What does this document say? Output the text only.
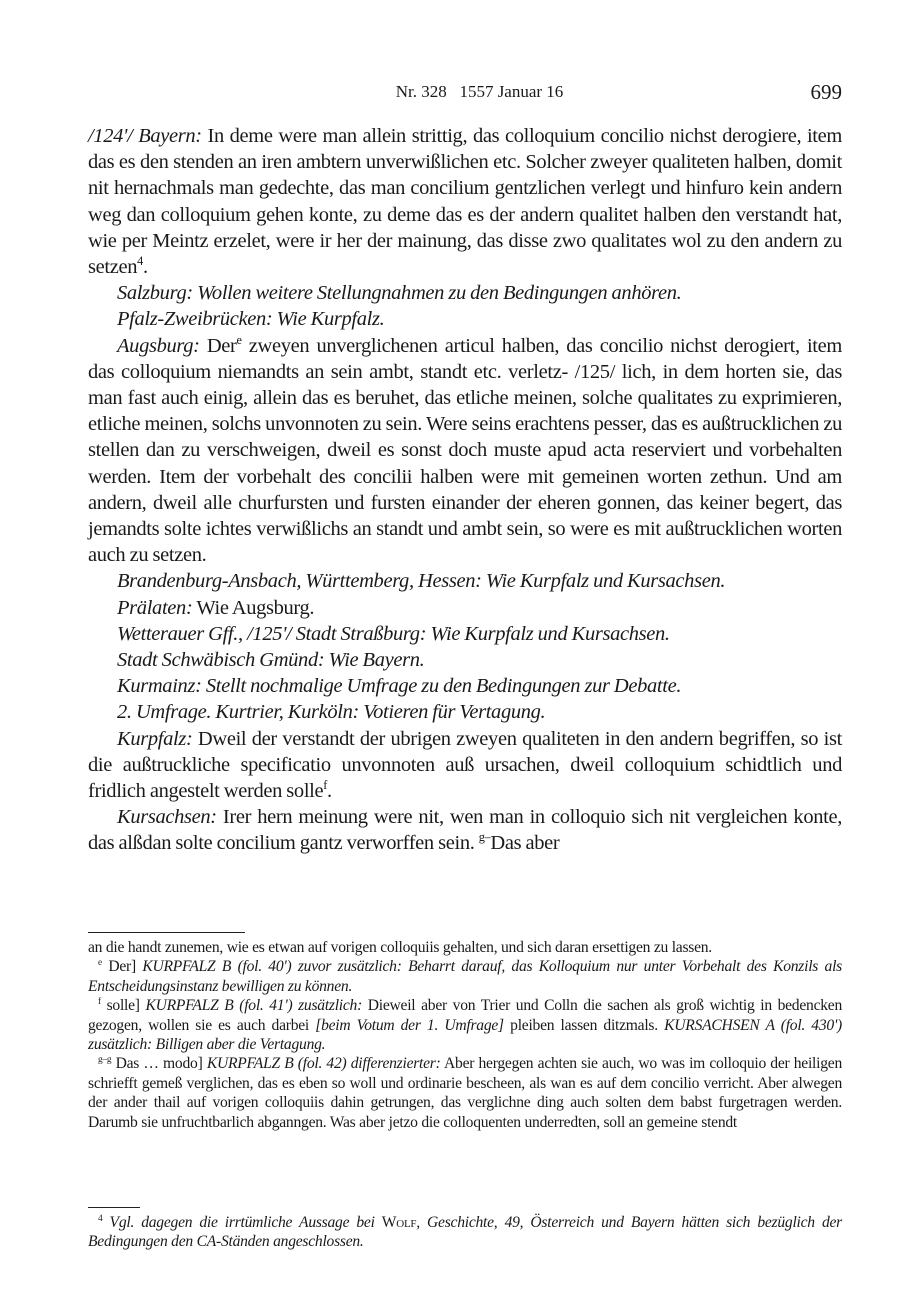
Nr. 328   1557 Januar 16	699

/124'/ Bayern: In deme were man allein strittig, das colloquium concilio nichst derogiere, item das es den stenden an iren ambtern unverwißlichen etc. Solcher zweyer qualiteten halben, domit nit hernachmals man gedechte, das man concilium gentzlichen verlegt und hinfuro kein andern weg dan colloquium gehen konte, zu deme das es der andern qualitet halben den verstandt hat, wie per Meintz erzelet, were ir her der mainung, das disse zwo qualitates wol zu den andern zu setzen$^4$.

Salzburg: Wollen weitere Stellungnahmen zu den Bedingungen anhören.

Pfalz-Zweibrücken: Wie Kurpfalz.

Augsburg: Der$^e$ zweyen unverglichenen articul halben, das concilio nichst derogiert, item das colloquium niemandts an sein ambt, standt etc. verletz- /125/ lich, in dem horten sie, das man fast auch einig, allein das es beruhet, das etliche meinen, solche qualitates zu exprimieren, etliche meinen, solchs unvonnoten zu sein. Were seins erachtens pesser, das es außtrucklichen zu stellen dan zu verschweigen, dweil es sonst doch muste apud acta reserviert und vorbehalten werden. Item der vorbehalt des concilii halben were mit gemeinen worten zethun. Und am andern, dweil alle churfursten und fursten einander der eheren gonnen, das keiner begert, das jemandts solte ichtes verwißlichs an standt und ambt sein, so were es mit außtrucklichen worten auch zu setzen.

Brandenburg-Ansbach, Württemberg, Hessen: Wie Kurpfalz und Kursachsen.

Prälaten: Wie Augsburg.

Wetterauer Gff., /125'/ Stadt Straßburg: Wie Kurpfalz und Kursachsen.

Stadt Schwäbisch Gmünd: Wie Bayern.

Kurmainz: Stellt nochmalige Umfrage zu den Bedingungen zur Debatte.

2. Umfrage. Kurtrier, Kurköln: Votieren für Vertagung.

Kurpfalz: Dweil der verstandt der ubrigen zweyen qualiteten in den andern begriffen, so ist die außtruckliche specificatio unvonnoten auß ursachen, dweil colloquium schidtlich und fridlich angestelt werden solle$^f$.

Kursachsen: Irer hern meinung were nit, wen man in colloquio sich nit vergleichen konte, das alßdan solte concilium gantz verworffen sein. $^{g-}$Das aber

an die handt zunemen, wie es etwan auf vorigen colloquiis gehalten, und sich daran ersettigen zu lassen.

$^e$ Der] KURPFALZ B (fol. 40') zuvor zusätzlich: Beharrt darauf, das Kolloquium nur unter Vorbehalt des Konzils als Entscheidungsinstanz bewilligen zu können.

$^f$ solle] KURPFALZ B (fol. 41') zusätzlich: Dieweil aber von Trier und Colln die sachen als groß wichtig in bedencken gezogen, wollen sie es auch darbei [beim Votum der 1. Umfrage] pleiben lassen ditzmals. KURSACHSEN A (fol. 430') zusätzlich: Billigen aber die Vertagung.

$^{g-g}$ Das … modo] KURPFALZ B (fol. 42) differenzierter: Aber hergegen achten sie auch, wo was im colloquio der heiligen schriefft gemeß verglichen, das es eben so woll und ordinarie bescheen, als wan es auf dem concilio verricht. Aber alwegen der ander thail auf vorigen colloquiis dahin getrungen, das verglichne ding auch solten dem babst furgetragen werden. Darumb sie unfruchtbarlich abganngen. Was aber jetzo die colloquenten underredten, soll an gemeine stendt

$^4$ Vgl. dagegen die irrtümliche Aussage bei Wolf, Geschichte, 49, Österreich und Bayern hätten sich bezüglich der Bedingungen den CA-Ständen angeschlossen.
